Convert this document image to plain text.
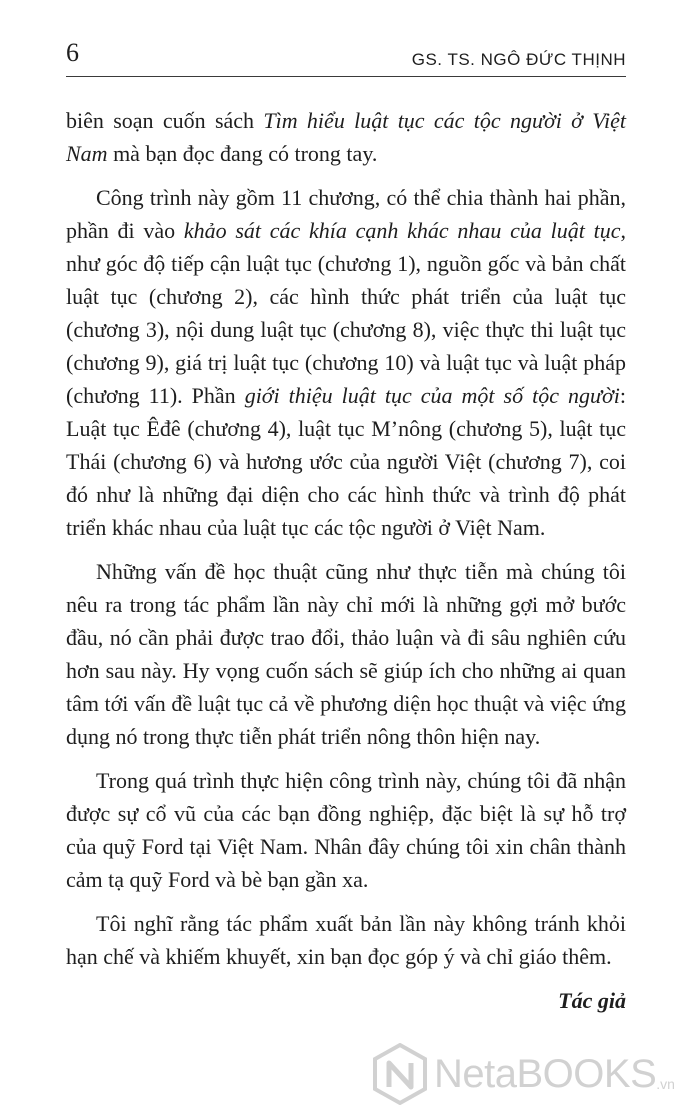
6	GS. TS. NGÔ ĐỨC THỊNH

biên soạn cuốn sách Tìm hiểu luật tục các tộc người ở Việt Nam mà bạn đọc đang có trong tay.

Công trình này gồm 11 chương, có thể chia thành hai phần, phần đi vào khảo sát các khía cạnh khác nhau của luật tục, như góc độ tiếp cận luật tục (chương 1), nguồn gốc và bản chất luật tục (chương 2), các hình thức phát triển của luật tục (chương 3), nội dung luật tục (chương 8), việc thực thi luật tục (chương 9), giá trị luật tục (chương 10) và luật tục và luật pháp (chương 11). Phần giới thiệu luật tục của một số tộc người: Luật tục Êđê (chương 4), luật tục M’nông (chương 5), luật tục Thái (chương 6) và hương ước của người Việt (chương 7), coi đó như là những đại diện cho các hình thức và trình độ phát triển khác nhau của luật tục các tộc người ở Việt Nam.

Những vấn đề học thuật cũng như thực tiễn mà chúng tôi nêu ra trong tác phẩm lần này chỉ mới là những gợi mở bước đầu, nó cần phải được trao đổi, thảo luận và đi sâu nghiên cứu hơn sau này. Hy vọng cuốn sách sẽ giúp ích cho những ai quan tâm tới vấn đề luật tục cả về phương diện học thuật và việc ứng dụng nó trong thực tiễn phát triển nông thôn hiện nay.

Trong quá trình thực hiện công trình này, chúng tôi đã nhận được sự cổ vũ của các bạn đồng nghiệp, đặc biệt là sự hỗ trợ của quỹ Ford tại Việt Nam. Nhân đây chúng tôi xin chân thành cảm tạ quỹ Ford và bè bạn gần xa.

Tôi nghĩ rằng tác phẩm xuất bản lần này không tránh khỏi hạn chế và khiếm khuyết, xin bạn đọc góp ý và chỉ giáo thêm.

Tác giả
NetaBOOKS .vn
